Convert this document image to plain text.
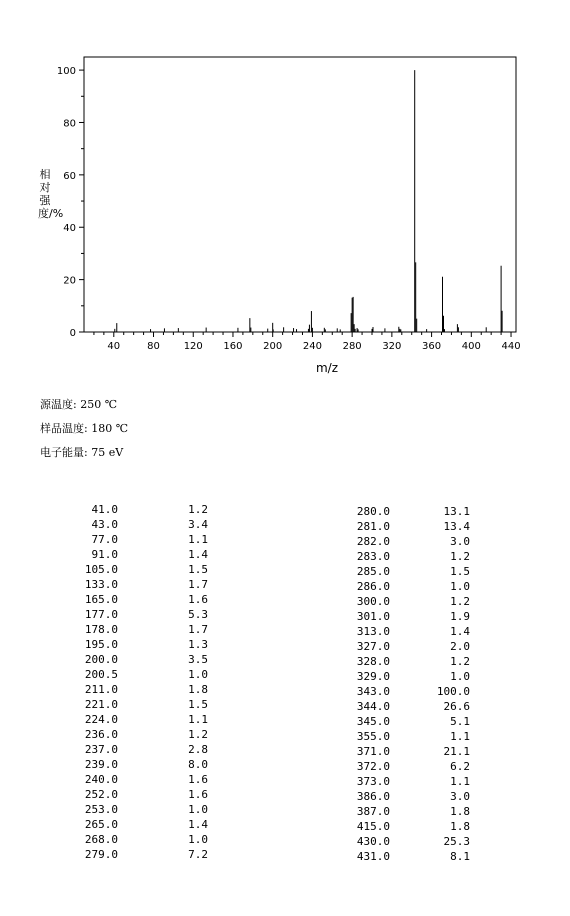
40	80 120 160 200 240 280 320 360 400 440
0
20
40
60
80
100
m/z
相对强度/%
源温度: 250 ℃
样品温度: 180 ℃
电子能量: 75 eV
41.0	1.2
43.0	3.4
77.0	1.1
91.0	1.4
105.0	1.5
133.0	1.7
165.0	1.6
177.0	5.3
178.0	1.7
195.0	1.3
200.0	3.5
200.5	1.0
211.0	1.8
221.0	1.5
224.0	1.1
236.0	1.2
237.0	2.8
239.0	8.0
240.0	1.6
252.0	1.6
253.0	1.0
265.0	1.4
268.0	1.0
279.0	7.2
280.0	13.1
281.0	13.4
282.0	3.0
283.0	1.2
285.0	1.5
286.0	1.0
300.0	1.2
301.0	1.9
313.0	1.4
327.0	2.0
328.0	1.2
329.0	1.0
343.0	100.0
344.0	26.6
345.0	5.1
355.0	1.1
371.0	21.1
372.0	6.2
373.0	1.1
386.0	3.0
387.0	1.8
415.0	1.8
430.0	25.3
431.0	8.1
